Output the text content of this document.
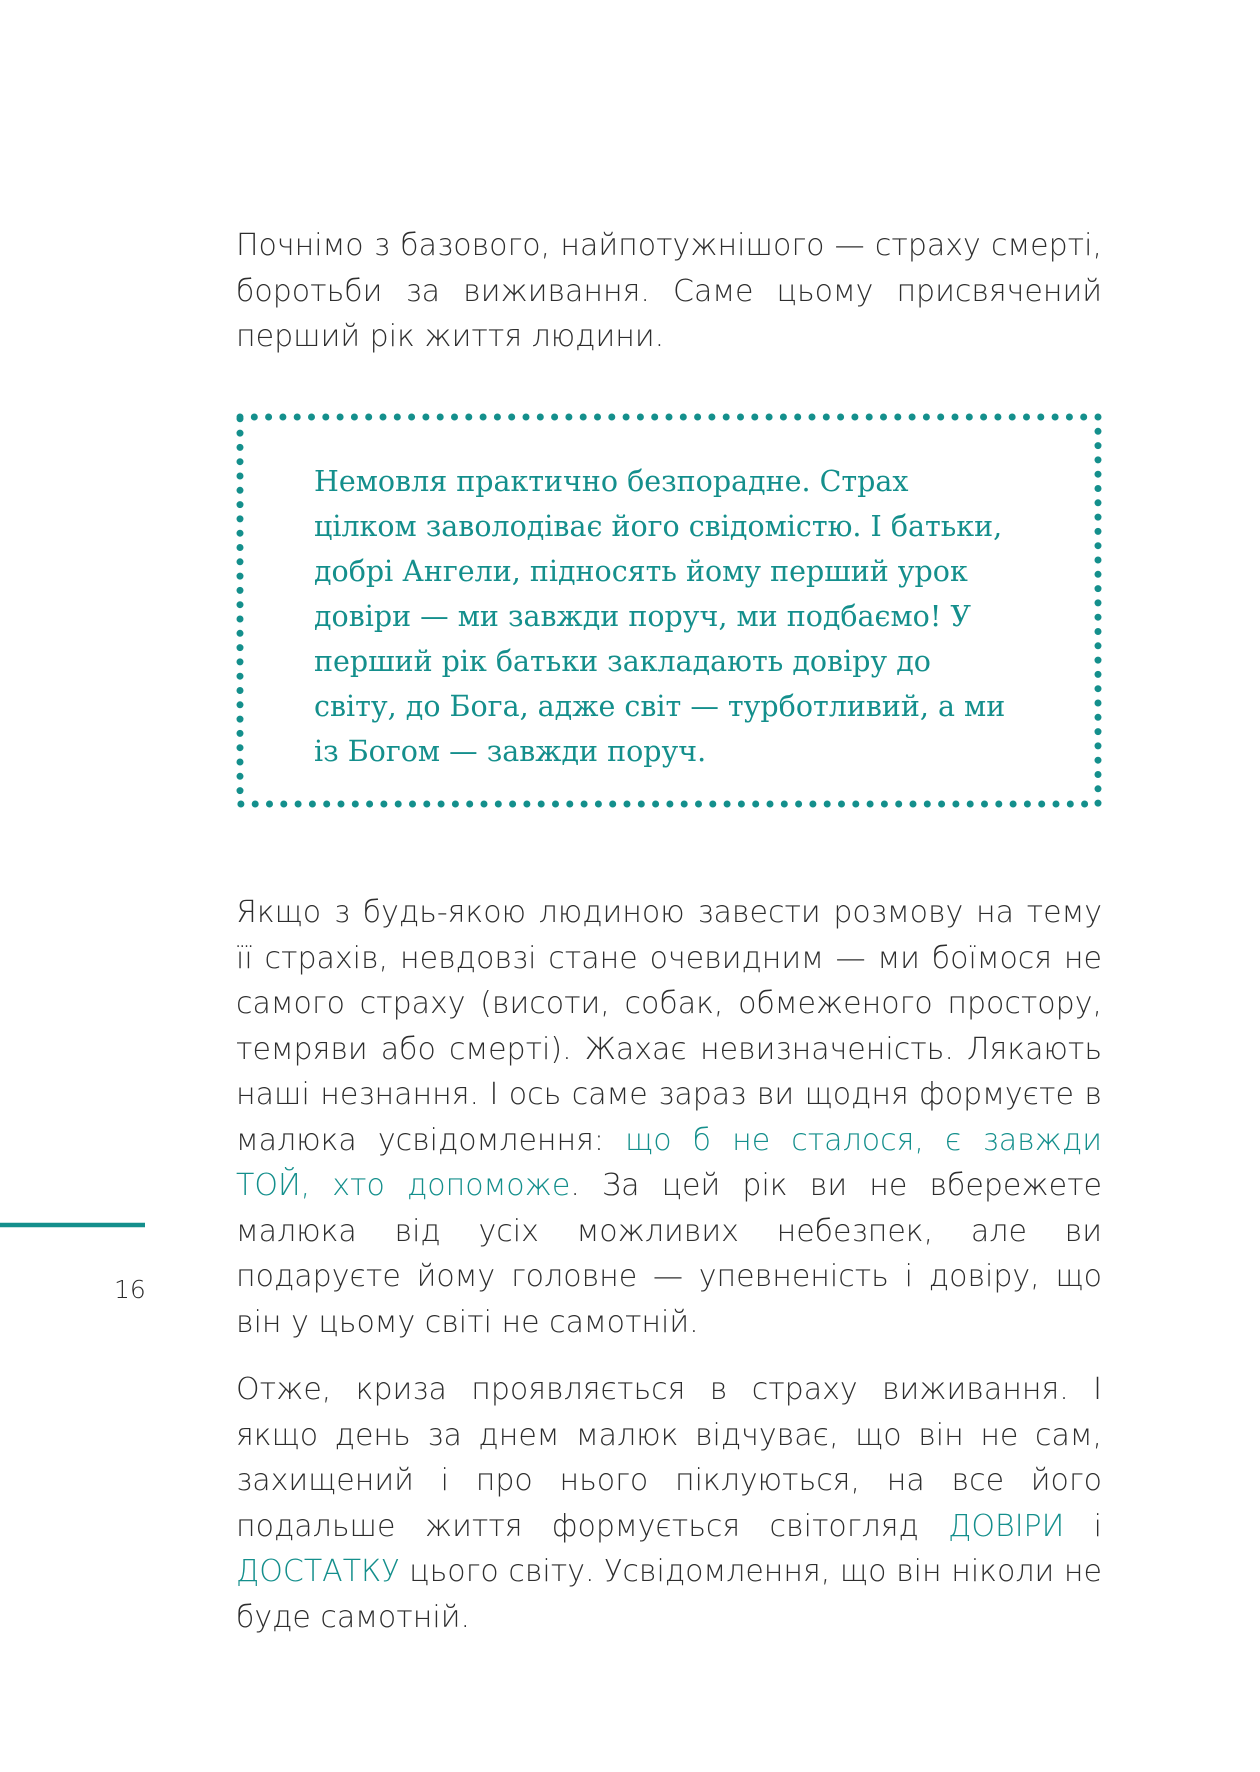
Почнімо з базового, найпотужнішого — страху смерті, боротьби за виживання. Саме цьому присвячений перший рік життя людини.

Немовля практично безпорадне. Страх цілком заволодіває його свідомістю. І батьки, добрі Ангели, підносять йому перший урок довіри — ми завжди поруч, ми подбаємо! У перший рік батьки закладають довіру до світу, до Бога, адже світ — турботливий, а ми із Богом — завжди поруч.

Якщо з будь-якою людиною завести розмову на тему її страхів, невдовзі стане очевидним — ми боїмося не самого страху (висоти, собак, обмеженого простору, темряви або смерті). Жахає невизначеність. Лякають наші незнання. І ось саме зараз ви щодня формуєте в малюка усвідомлення: що б не сталося, є завжди ТОЙ, хто допоможе. За цей рік ви не вбережете малюка від усіх можливих небезпек, але ви подаруєте йому головне — упевненість і довіру, що він у цьому світі не самотній.

Отже, криза проявляється в страху виживання. І якщо день за днем малюк відчуває, що він не сам, захищений і про нього піклуються, на все його подальше життя формується світогляд ДОВІРИ і ДОСТАТКУ цього світу. Усвідомлення, що він ніколи не буде самотній.

16
